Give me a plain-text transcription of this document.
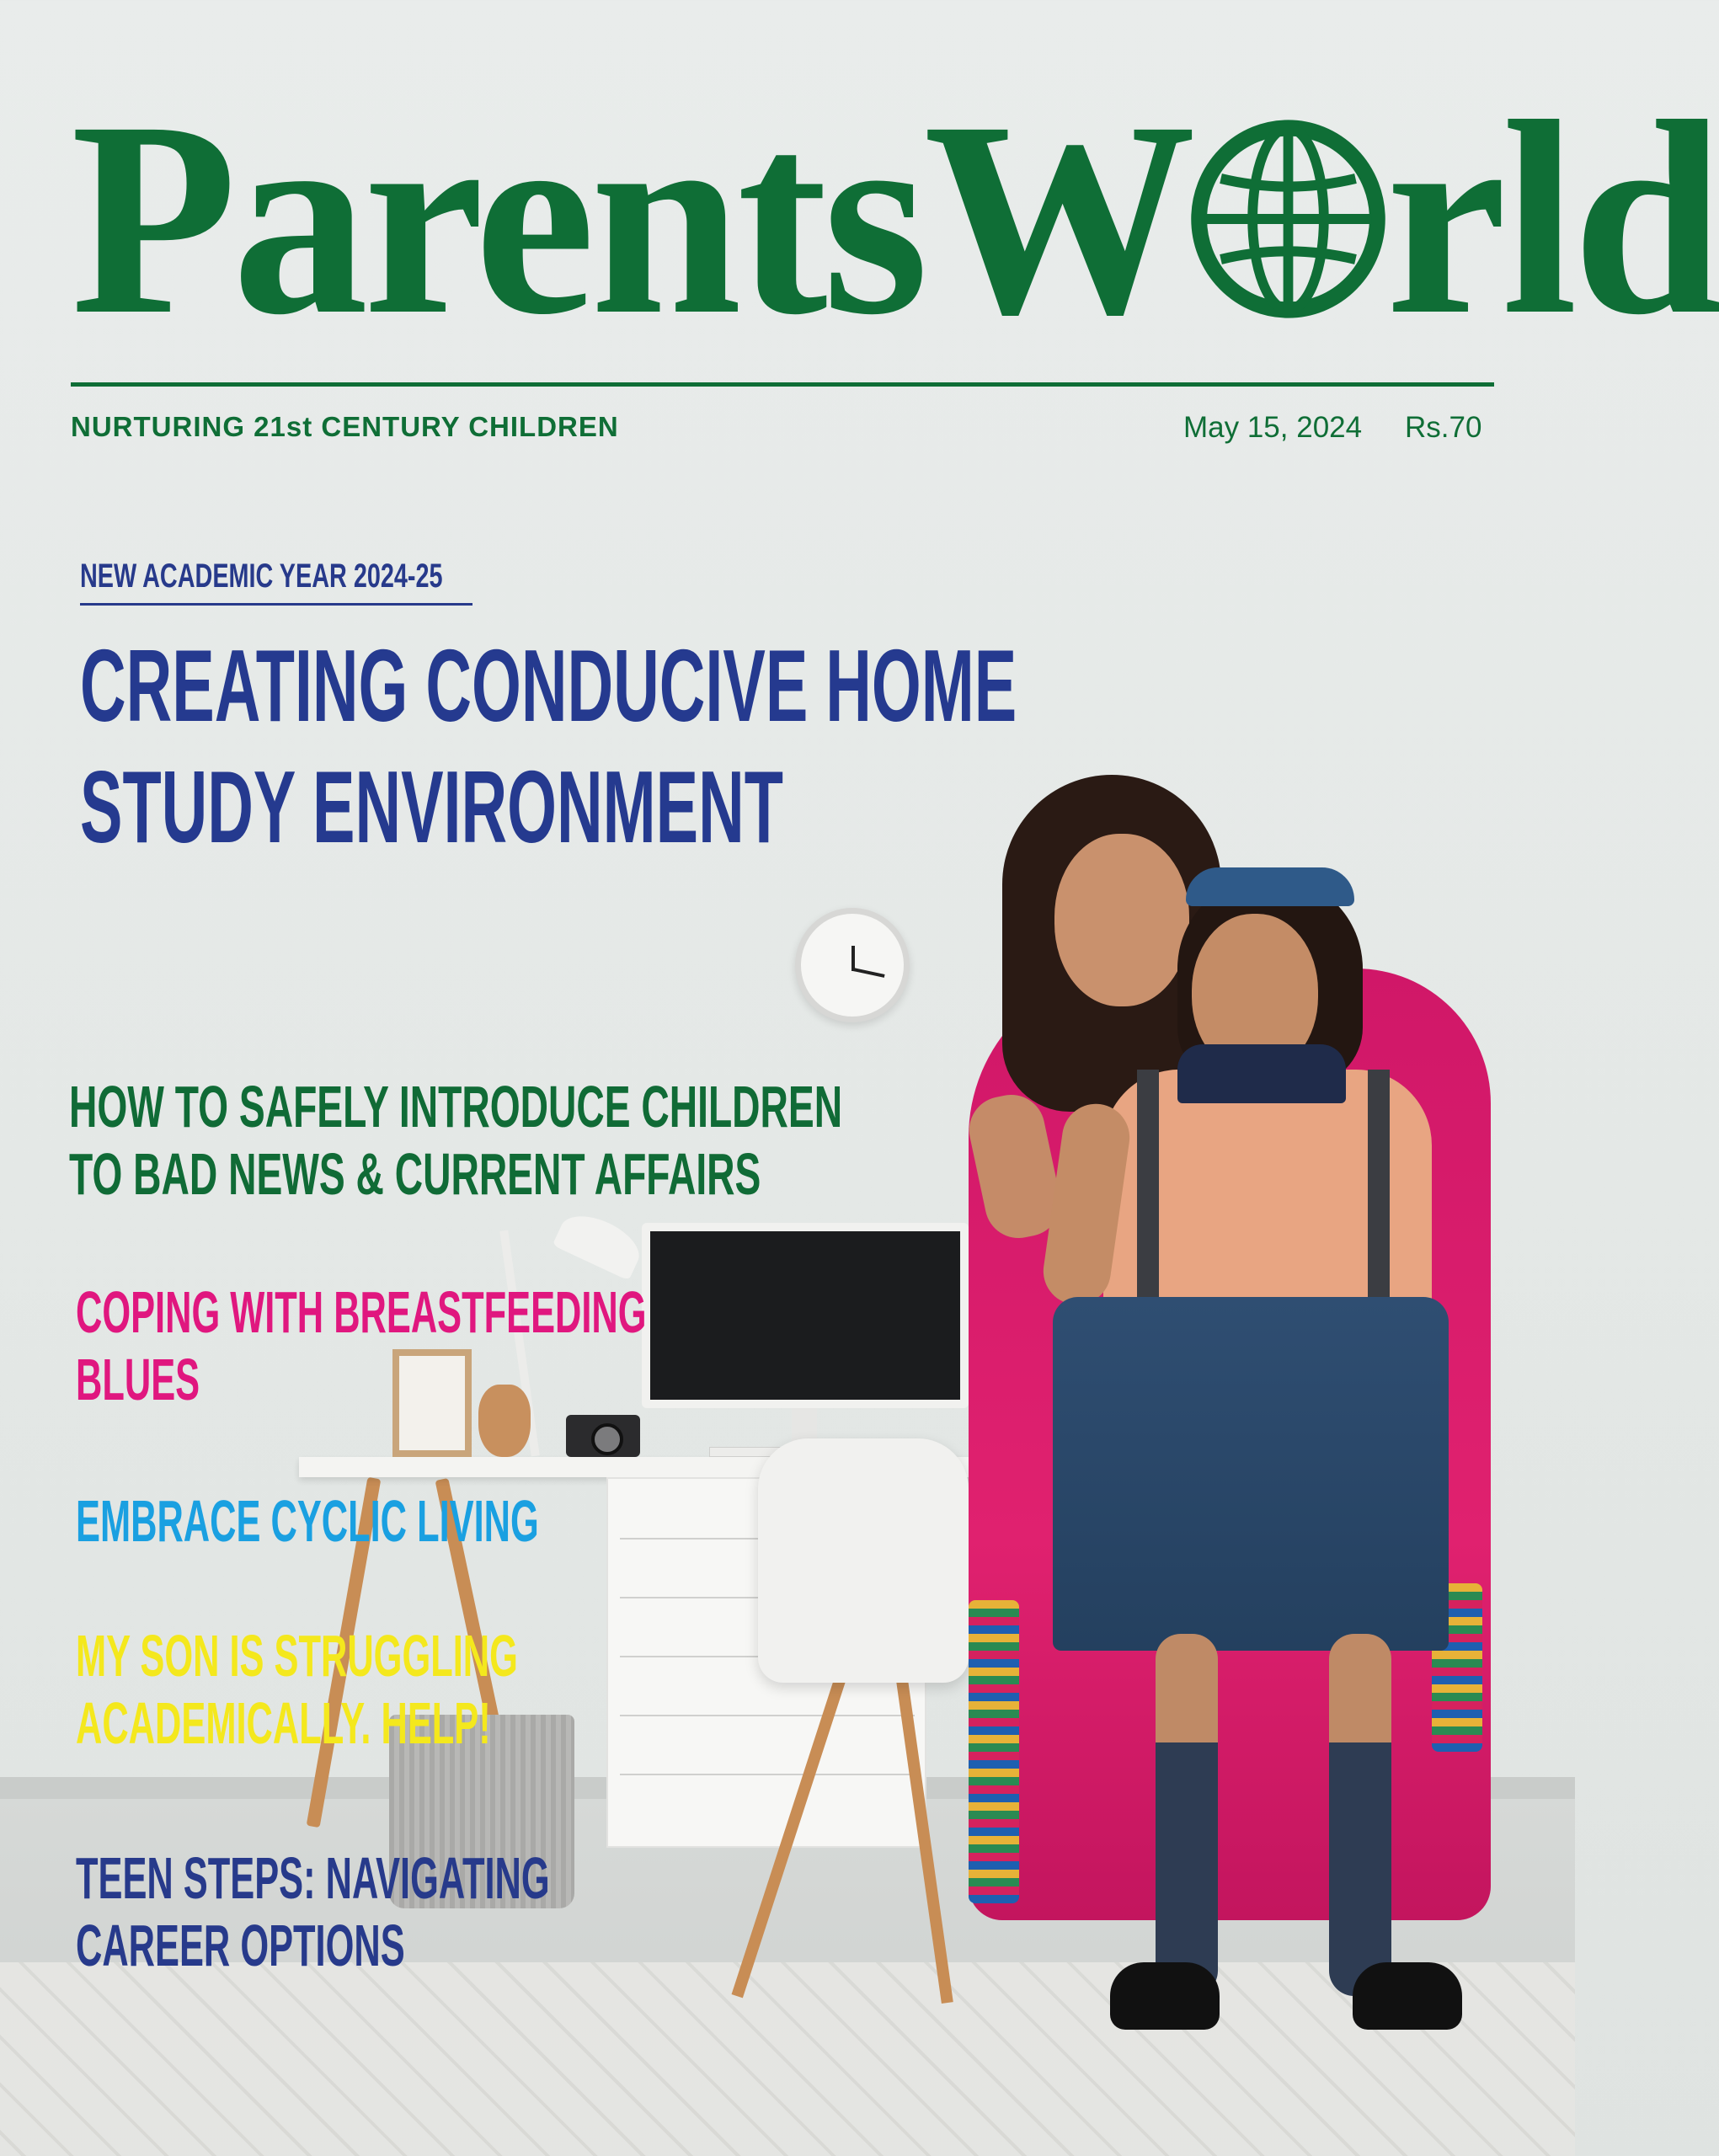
ParentsW rld
NURTURING 21st CENTURY CHILDREN	May 15, 2024 Rs.70
NEW ACADEMIC YEAR 2024-25
CREATING CONDUCIVE HOME
STUDY ENVIRONMENT
HOW TO SAFELY INTRODUCE CHILDREN
TO BAD NEWS & CURRENT AFFAIRS
COPING WITH BREASTFEEDING
BLUES
EMBRACE CYCLIC LIVING
MY SON IS STRUGGLING
ACADEMICALLY. HELP!
TEEN STEPS: NAVIGATING
CAREER OPTIONS
